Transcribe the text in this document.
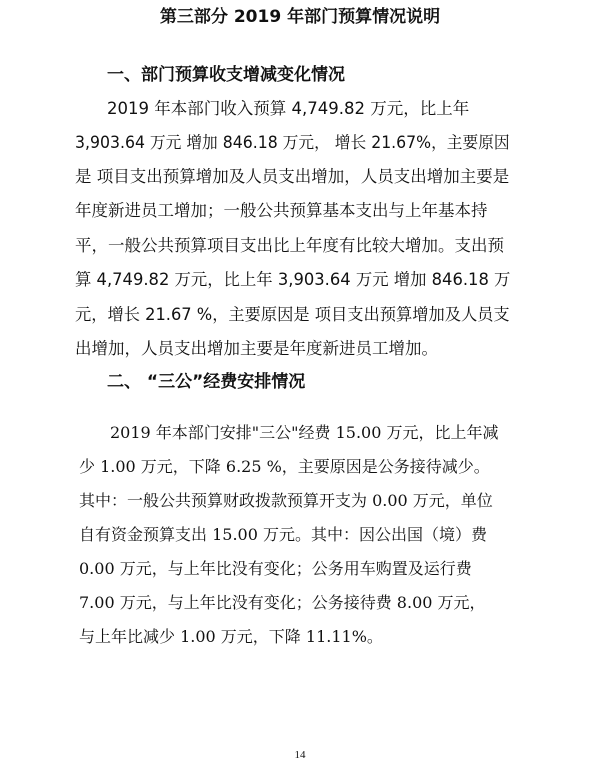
第三部分 2019 年部门预算情况说明
一、部门预算收支增减变化情况
2019 年本部门收入预算 4,749.82 万元，比上年
3,903.64 万元 增加 846.18 万元， 增长 21.67%，主要原因
是 项目支出预算增加及人员支出增加，人员支出增加主要是
年度新进员工增加；一般公共预算基本支出与上年基本持
平，一般公共预算项目支出比上年度有比较大增加。支出预
算 4,749.82 万元，比上年 3,903.64 万元 增加 846.18 万
元，增长 21.67 %，主要原因是 项目支出预算增加及人员支
出增加，人员支出增加主要是年度新进员工增加。
二、 “三公”经费安排情况
2019 年本部门安排"三公"经费 15.00 万元，比上年减
少 1.00 万元，下降 6.25 %，主要原因是公务接待减少。
其中：一般公共预算财政拨款预算开支为 0.00 万元，单位
自有资金预算支出 15.00 万元。其中：因公出国（境）费
0.00 万元，与上年比没有变化；公务用车购置及运行费
7.00 万元，与上年比没有变化；公务接待费 8.00 万元，
与上年比减少 1.00 万元，下降 11.11%。
14
